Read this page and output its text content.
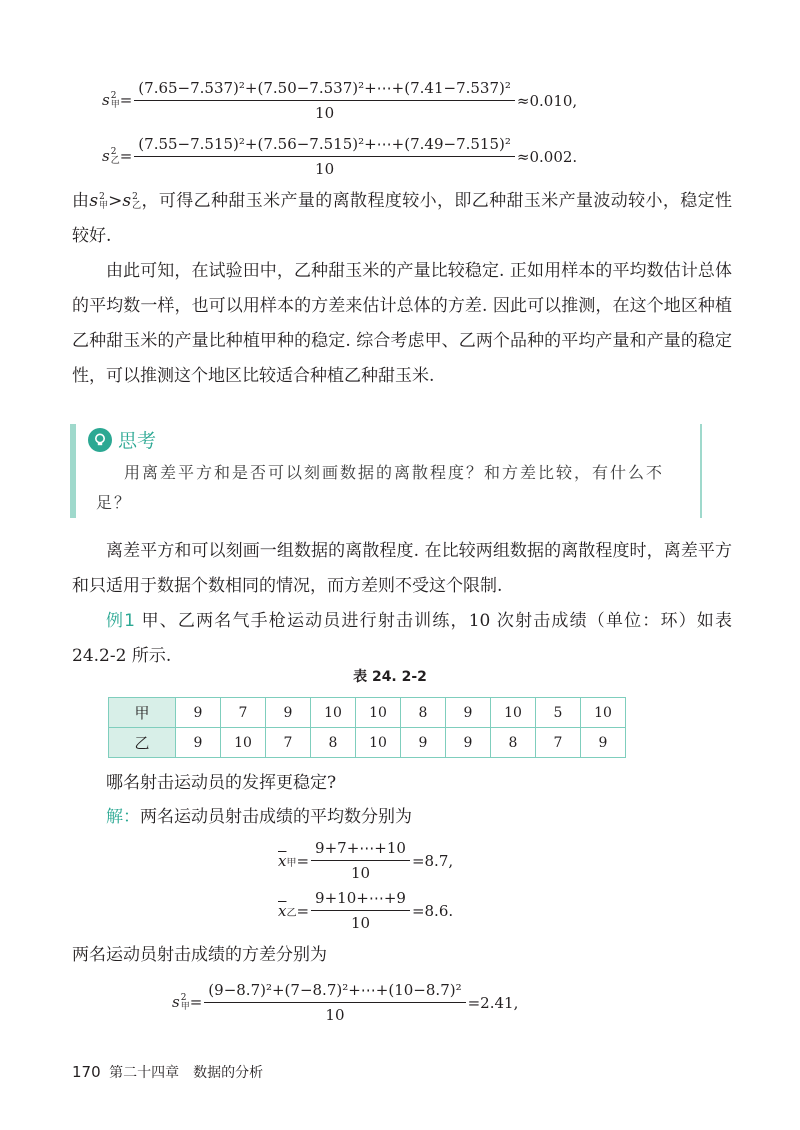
s 2
甲 = $\frac{\text{(7.65−7.537)²+(7.50−7.537)²+⋯+(7.41−7.537)²}}{10} \approx 0.010$,
s 2
乙 = $\frac{\text{(7.55−7.515)²+(7.56−7.515)²+⋯+(7.49−7.515)²}}{10} \approx 0.002$.
由s 2
甲 >s 2
乙 ，可得乙种甜玉米产量的离散程度较小，即乙种甜玉米产量波动较小，稳定性较好.
由此可知，在试验田中，乙种甜玉米的产量比较稳定. 正如用样本的平均数估计总体的平均数一样，也可以用样本的方差来估计总体的方差. 因此可以推测，在这个地区种植乙种甜玉米的产量比种植甲种的稳定. 综合考虑甲、乙两个品种的平均产量和产量的稳定性，可以推测这个地区比较适合种植乙种甜玉米.
思考
用离差平方和是否可以刻画数据的离散程度？和方差比较，有什么不足？
离差平方和可以刻画一组数据的离散程度. 在比较两组数据的离散程度时，离差平方和只适用于数据个数相同的情况，而方差则不受这个限制.
例1 甲、乙两名气手枪运动员进行射击训练，10 次射击成绩（单位：环）如表 24.2-2 所示.
表 24. 2-2
甲	9	7	9	10	10	8	9	10	5	10
乙	9	10	7	8	10	9	9	8	7	9
哪名射击运动员的发挥更稳定?
解：两名运动员射击成绩的平均数分别为
$\overline{x}$甲= $\frac{9+7+\cdots+10}{10} =8.7$,
$\overline{x}$乙= $\frac{9+10+\cdots+9}{10} =8.6$.
两名运动员射击成绩的方差分别为
s 2
甲 = $\frac{\text{(9−8.7)²+(7−8.7)²+⋯+(10−8.7)²}}{10} =2.41$,
170 第二十四章　数据的分析
